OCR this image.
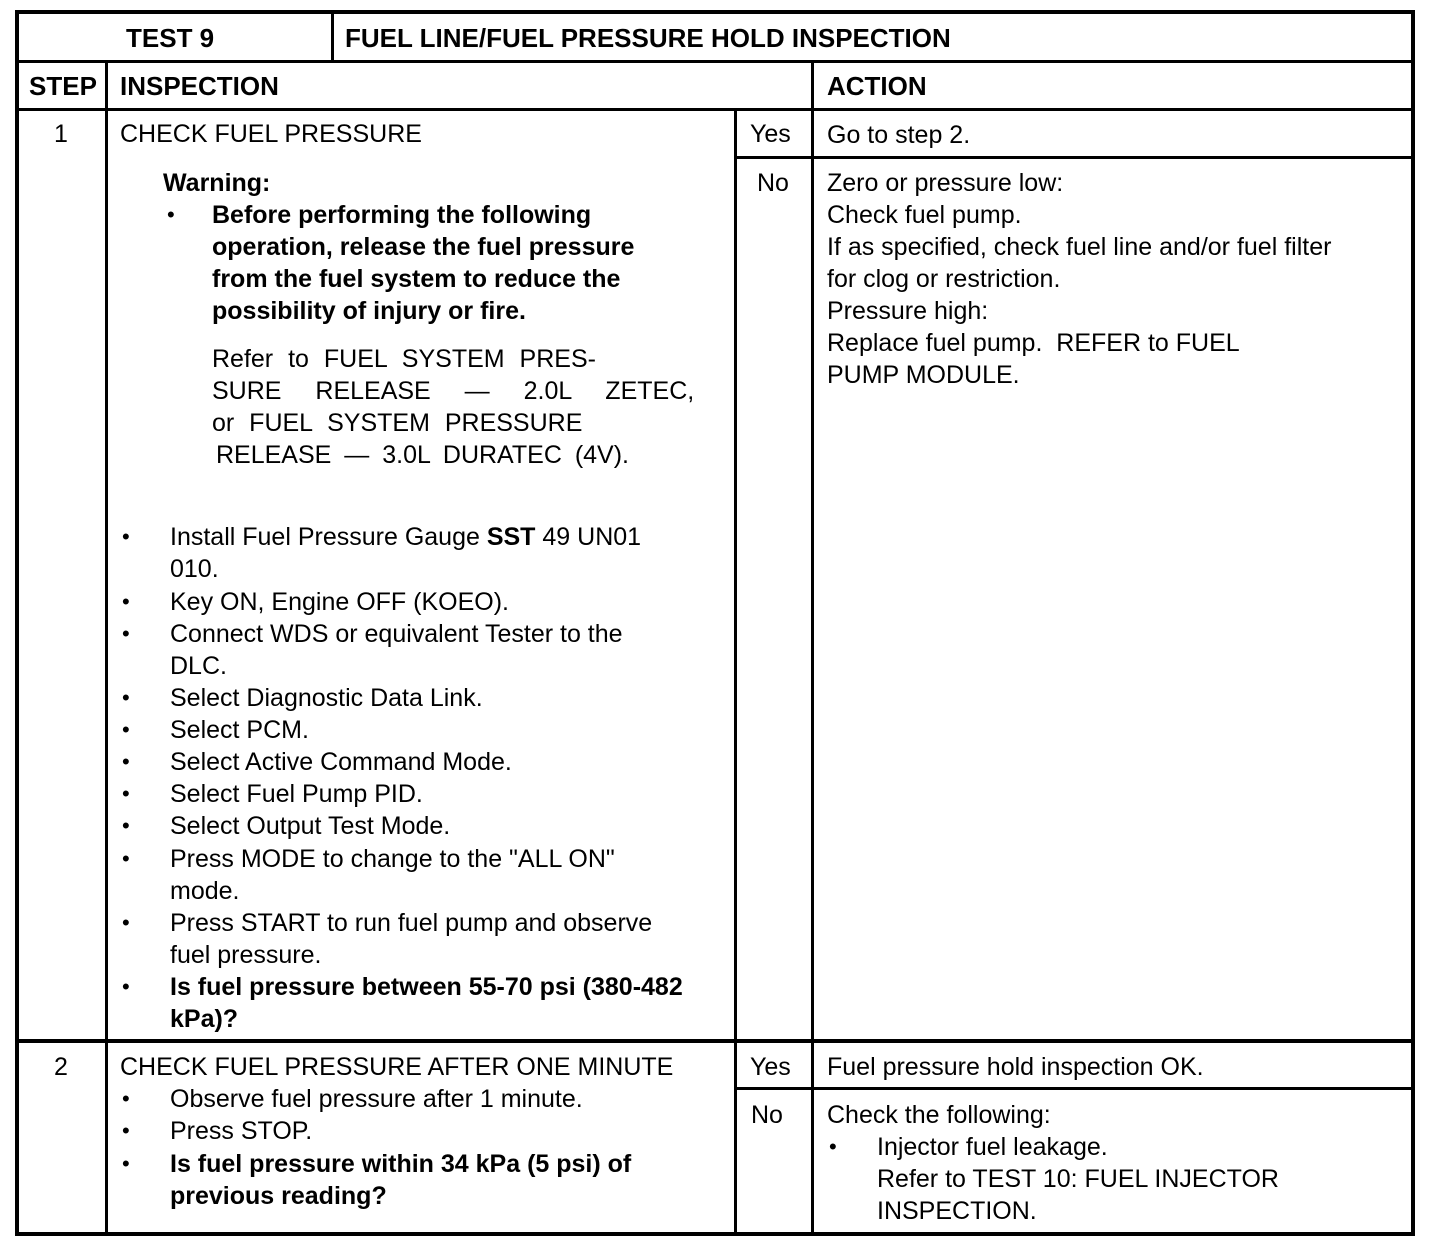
TEST 9	FUEL LINE/FUEL PRESSURE HOLD INSPECTION
STEP INSPECTION	ACTION
1 CHECK FUEL PRESSURE
Warning:
• Before performing the following
operation, release the fuel pressure
from the fuel system to reduce the
possibility of injury or fire.
Refer to FUEL SYSTEM PRES-
SURE RELEASE — 2.0L ZETEC,
or FUEL SYSTEM PRESSURE
RELEASE — 3.0L DURATEC (4V).
• Install Fuel Pressure Gauge SST 49 UN01
010.
• Key ON, Engine OFF (KOEO).
• Connect WDS or equivalent Tester to the
DLC.
• Select Diagnostic Data Link.
• Select PCM.
• Select Active Command Mode.
• Select Fuel Pump PID.
• Select Output Test Mode.
• Press MODE to change to the "ALL ON"
mode.
• Press START to run fuel pump and observe
fuel pressure.
• Is fuel pressure between 55-70 psi (380-482
kPa)?
Yes
No
Go to step 2.
Zero or pressure low:
Check fuel pump.
If as specified, check fuel line and/or fuel filter
for clog or restriction.
Pressure high:
Replace fuel pump.  REFER to FUEL
PUMP MODULE.
2 CHECK FUEL PRESSURE AFTER ONE MINUTE
• Observe fuel pressure after 1 minute.
• Press STOP.
• Is fuel pressure within 34 kPa (5 psi) of
previous reading?
Yes
No
Fuel pressure hold inspection OK.
Check the following:
• Injector fuel leakage.
Refer to TEST 10: FUEL INJECTOR
INSPECTION.
